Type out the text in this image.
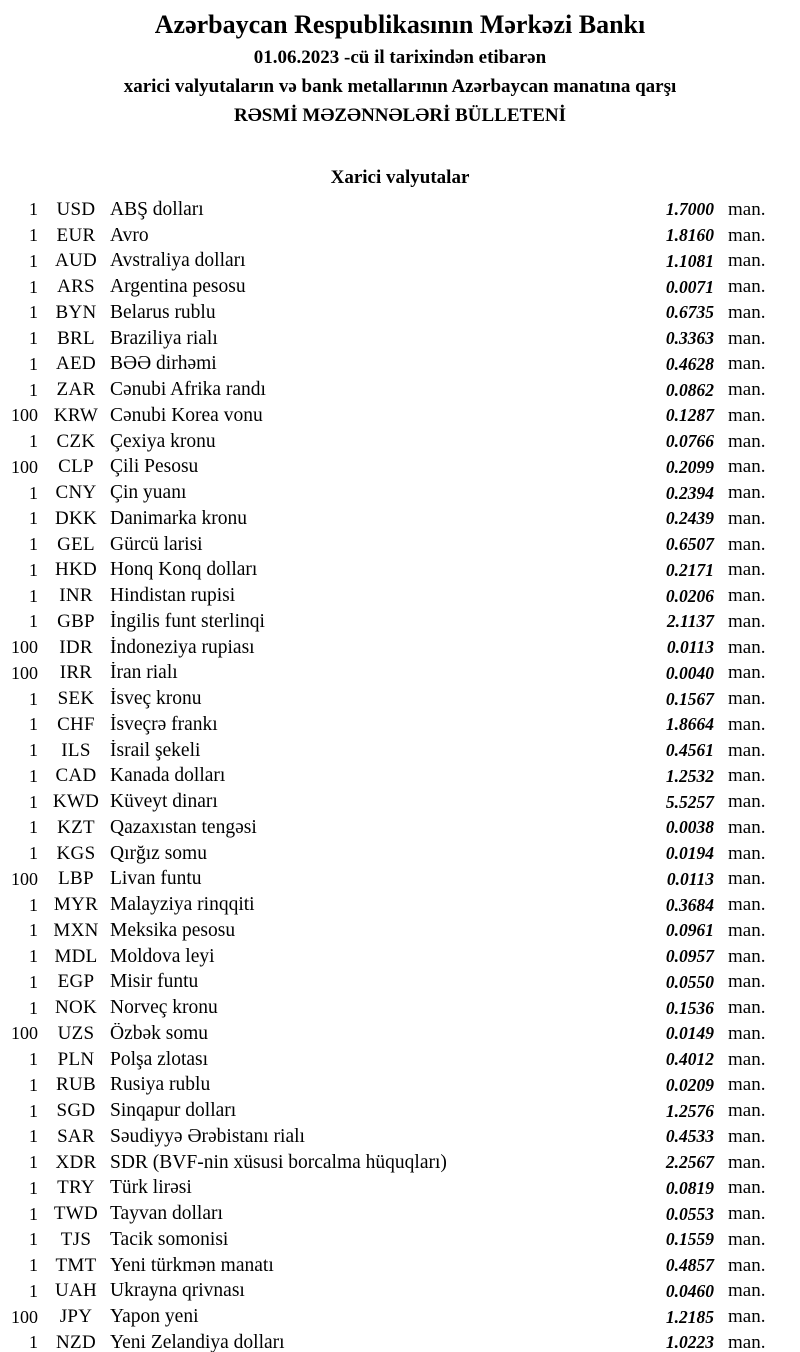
Azərbaycan Respublikasının Mərkəzi Bankı
01.06.2023 -cü il tarixindən etibarən
xarici valyutaların və bank metallarının Azərbaycan manatına qarşı
RƏSMİ MƏZƏNNƏLƏRİ BÜLLETENİ
Xarici valyutalar
1 USD ABŞ dolları	1.7000 man.
1 EUR Avro	1.8160 man.
1 AUD Avstraliya dolları	1.1081 man.
1	ARS Argentina pesosu	0.0071 man.
1 BYN Belarus rublu	0.6735 man.
1	BRL Braziliya rialı	0.3363 man.
1 AED BƏƏ dirhəmi	0.4628 man.
1 ZAR Cənubi Afrika randı	0.0862 man.
100 KRW Cənubi Korea vonu	0.1287 man.
1 CZK Çexiya kronu	0.0766 man.
100	CLP Çili Pesosu	0.2099 man.
1 CNY Çin yuanı	0.2394 man.
1 DKK Danimarka kronu	0.2439 man.
1	GEL Gürcü larisi	0.6507 man.
1 HKD Honq Konq dolları	0.2171 man.
1	INR Hindistan rupisi	0.0206 man.
1	GBP İngilis funt sterlinqi	2.1137 man.
100	IDR İndoneziya rupiası	0.0113 man.
100	IRR İran rialı	0.0040 man.
1	SEK İsveç kronu	0.1567 man.
1	CHF İsveçrə frankı	1.8664 man.
1	ILS İsrail şekeli	0.4561 man.
1 CAD Kanada dolları	1.2532 man.
1 KWD Küveyt dinarı	5.5257 man.
1	KZT Qazaxıstan tengəsi	0.0038 man.
1 KGS Qırğız somu	0.0194 man.
100	LBP Livan funtu	0.0113 man.
1 MYR Malayziya rinqqiti	0.3684 man.
1 MXN Meksika pesosu	0.0961 man.
1 MDL Moldova leyi	0.0957 man.
1	EGP Misir funtu	0.0550 man.
1 NOK Norveç kronu	0.1536 man.
100	UZS Özbək somu	0.0149 man.
1	PLN Polşa zlotası	0.4012 man.
1 RUB Rusiya rublu	0.0209 man.
1 SGD Sinqapur dolları	1.2576 man.
1	SAR Səudiyyə Ərəbistanı rialı	0.4533 man.
1 XDR SDR (BVF-nin xüsusi borcalma hüquqları)	2.2567 man.
1	TRY Türk lirəsi	0.0819 man.
1 TWD Tayvan dolları	0.0553 man.
1	TJS Tacik somonisi	0.1559 man.
1 TMT Yeni türkmən manatı	0.4857 man.
1 UAH Ukrayna qrivnası	0.0460 man.
100	JPY Yapon yeni	1.2185 man.
1 NZD Yeni Zelandiya dolları	1.0223 man.
